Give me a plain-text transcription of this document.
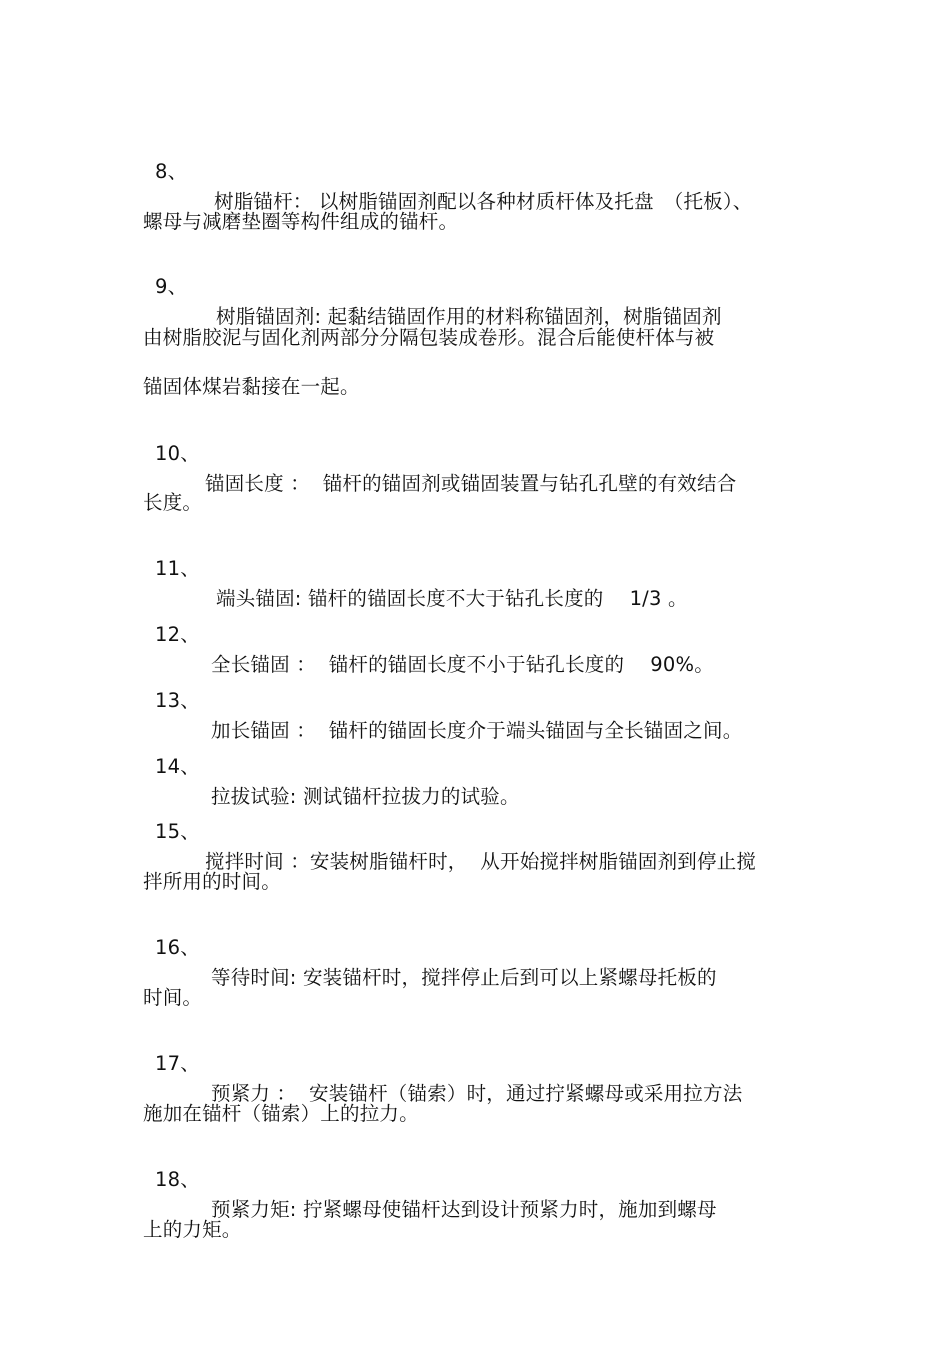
8、

树脂锚杆： 以树脂锚固剂配以各种材质杆体及托盘　（托板）、

螺母与减磨垫圈等构件组成的锚杆。

9、

树脂锚固剂: 起黏结锚固作用的材料称锚固剂，树脂锚固剂

由树脂胶泥与固化剂两部分分隔包装成卷形。混合后能使杆体与被

锚固体煤岩黏接在一起。

10、

锚固长度 ：  锚杆的锚固剂或锚固装置与钻孔孔壁的有效结合

长度。

11、

端头锚固: 锚杆的锚固长度不大于钻孔长度的　 1/3 。

12、

全长锚固 ：  锚杆的锚固长度不小于钻孔长度的　 90%。

13、

加长锚固 ：  锚杆的锚固长度介于端头锚固与全长锚固之间。

14、

拉拔试验: 测试锚杆拉拔力的试验。

15、

搅拌时间 ：安装树脂锚杆时，  从开始搅拌树脂锚固剂到停止搅

拌所用的时间。

16、

等待时间: 安装锚杆时，搅拌停止后到可以上紧螺母托板的

时间。

17、

预紧力 ：  安装锚杆（锚索）时，通过拧紧螺母或采用拉方法

施加在锚杆（锚索）上的拉力。

18、

预紧力矩: 拧紧螺母使锚杆达到设计预紧力时，施加到螺母

上的力矩。
